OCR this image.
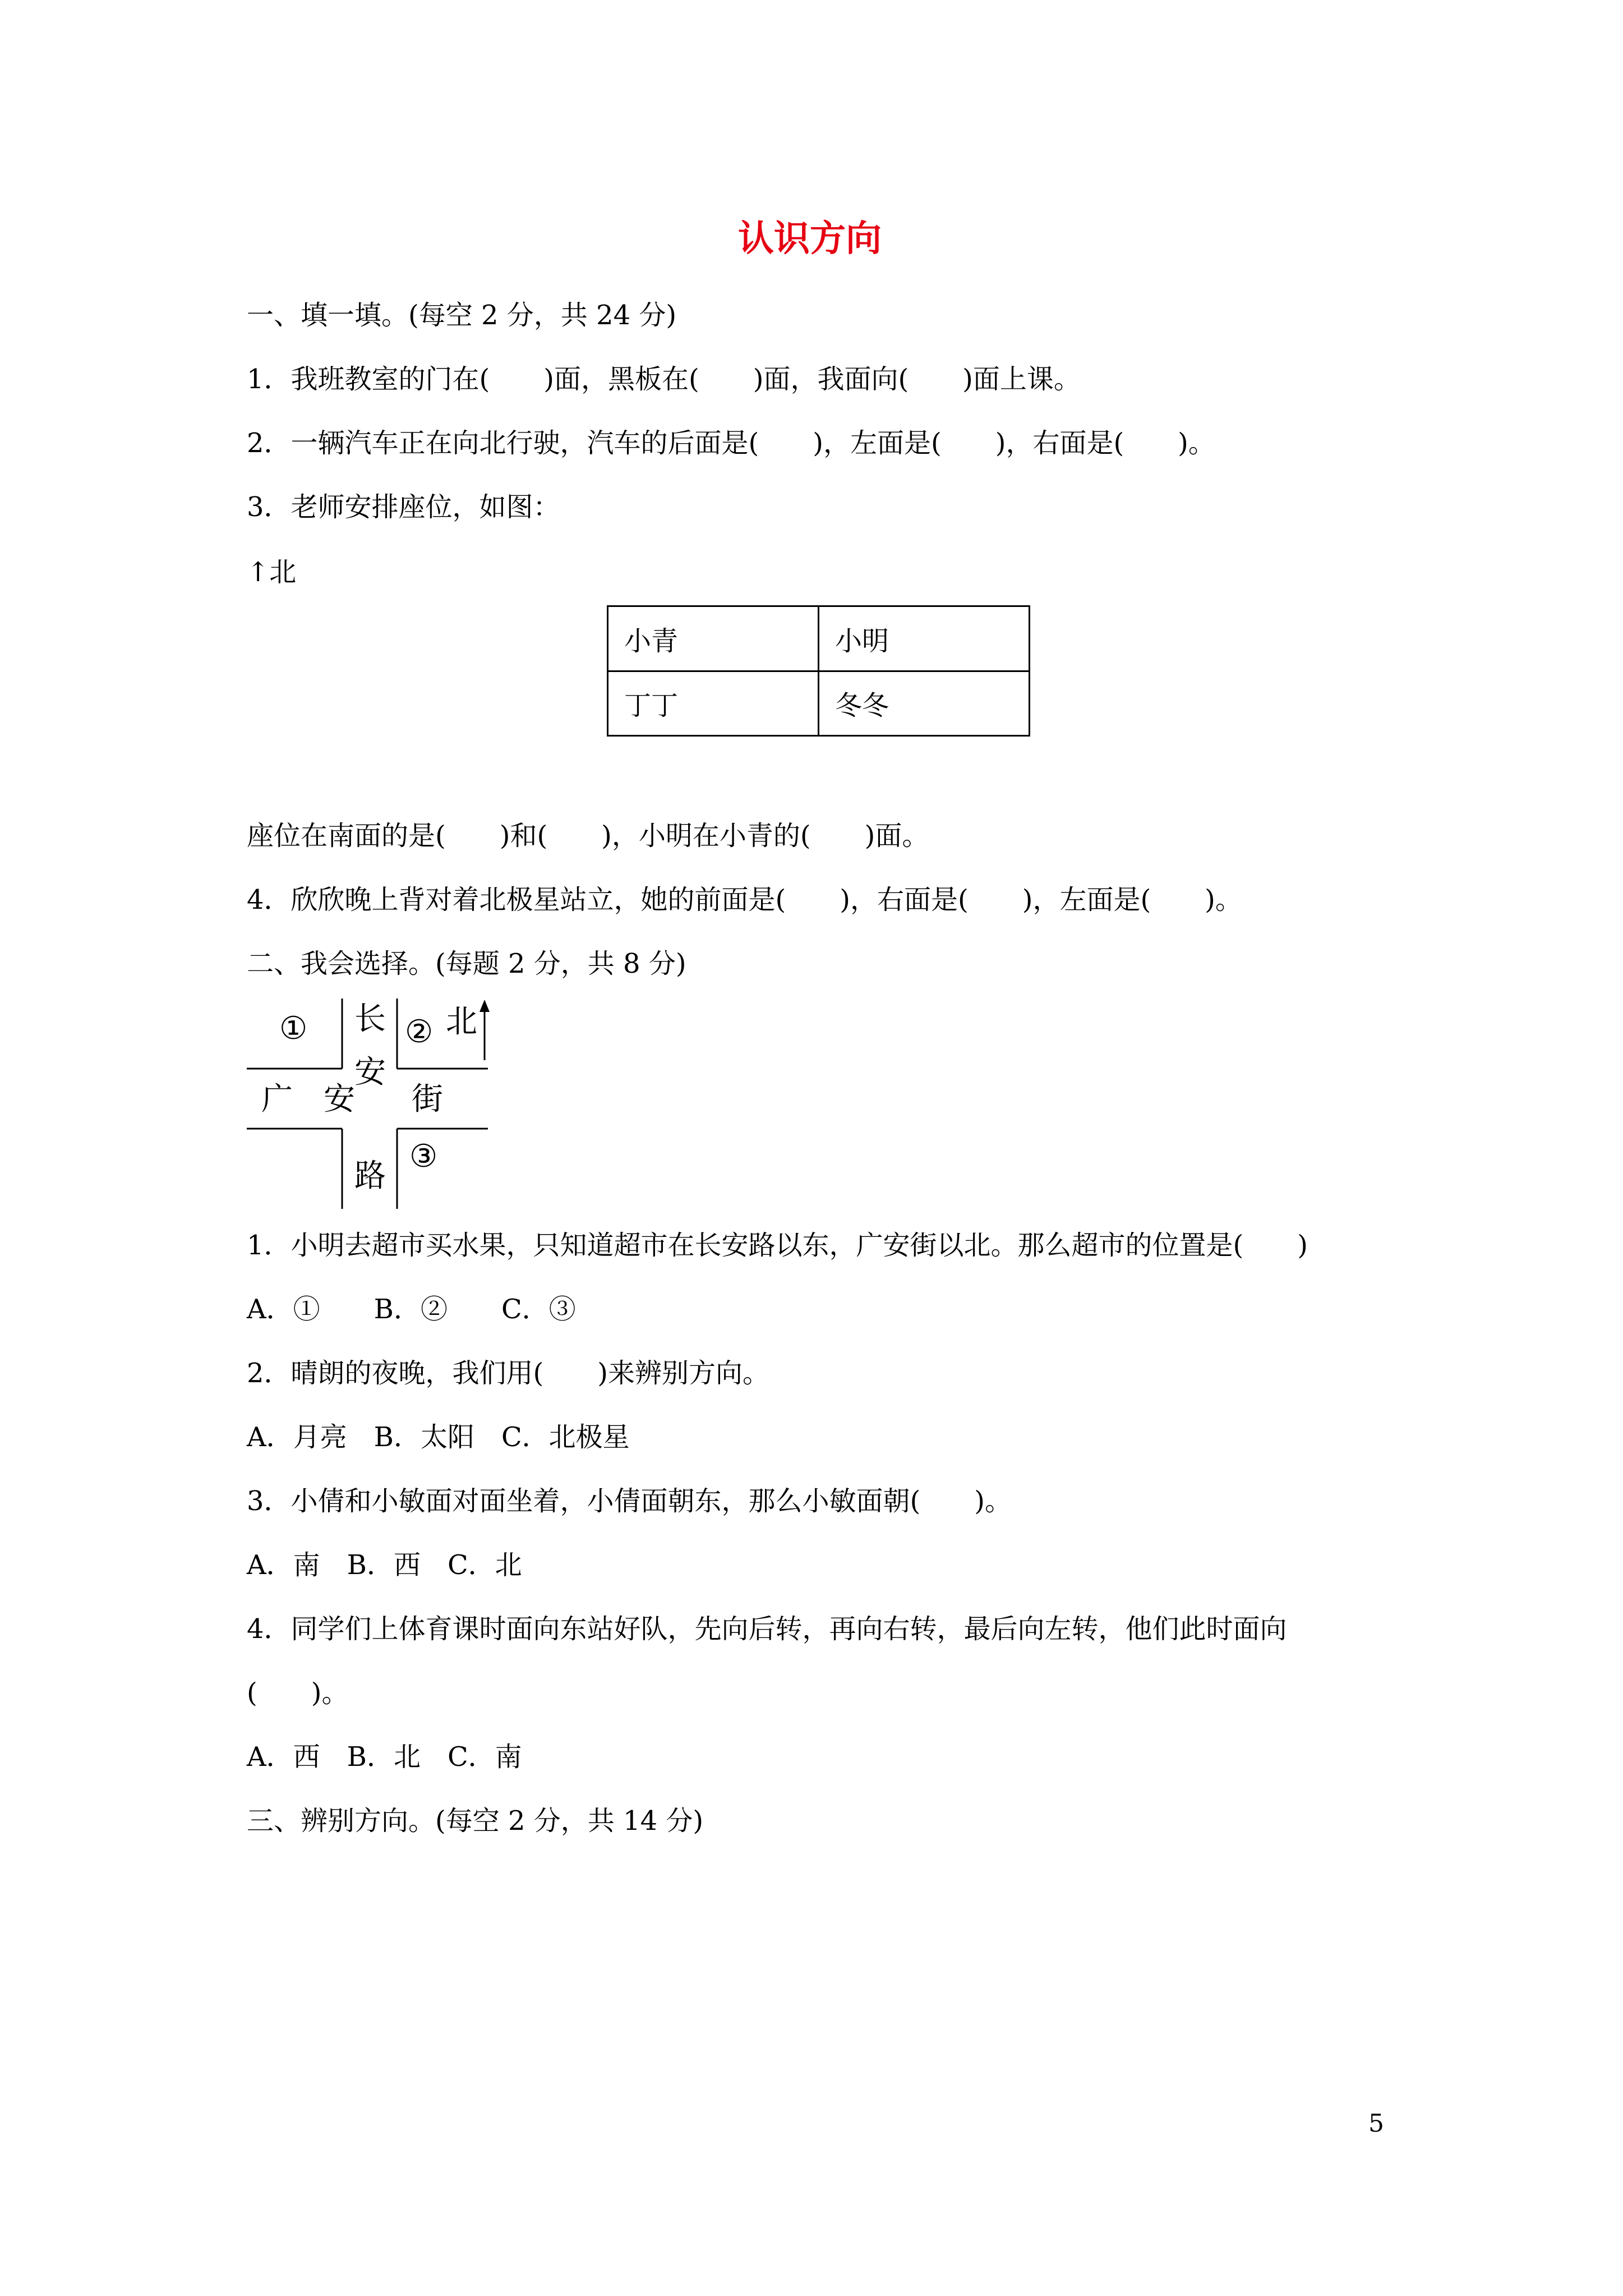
认识方向
一、填一填。(每空 2 分，共 24 分)
1．我班教室的门在(　　)面，黑板在(　　)面，我面向(　　)面上课。
2．一辆汽车正在向北行驶，汽车的后面是(　　)，左面是(　　)，右面是(　　)。
3．老师安排座位，如图：
↑北
小青	小明
丁丁	冬冬
座位在南面的是(　　)和(　　)，小明在小青的(　　)面。
4．欣欣晚上背对着北极星站立，她的前面是(　　)，右面是(　　)，左面是(　　)。
二、我会选择。(每题 2 分，共 8 分)
①	② 北
③
长
安
路
广 安 街
1．小明去超市买水果，只知道超市在长安路以东，广安街以北。那么超市的位置是(　　)
A．①　　B．②　　C．③
2．晴朗的夜晚，我们用(　　)来辨别方向。
A．月亮　B．太阳　C．北极星
3．小倩和小敏面对面坐着，小倩面朝东，那么小敏面朝(　　)。
A．南　B．西　C．北
4．同学们上体育课时面向东站好队，先向后转，再向右转，最后向左转，他们此时面向
(　　)。
A．西　B．北　C．南
三、辨别方向。(每空 2 分，共 14 分)
5
